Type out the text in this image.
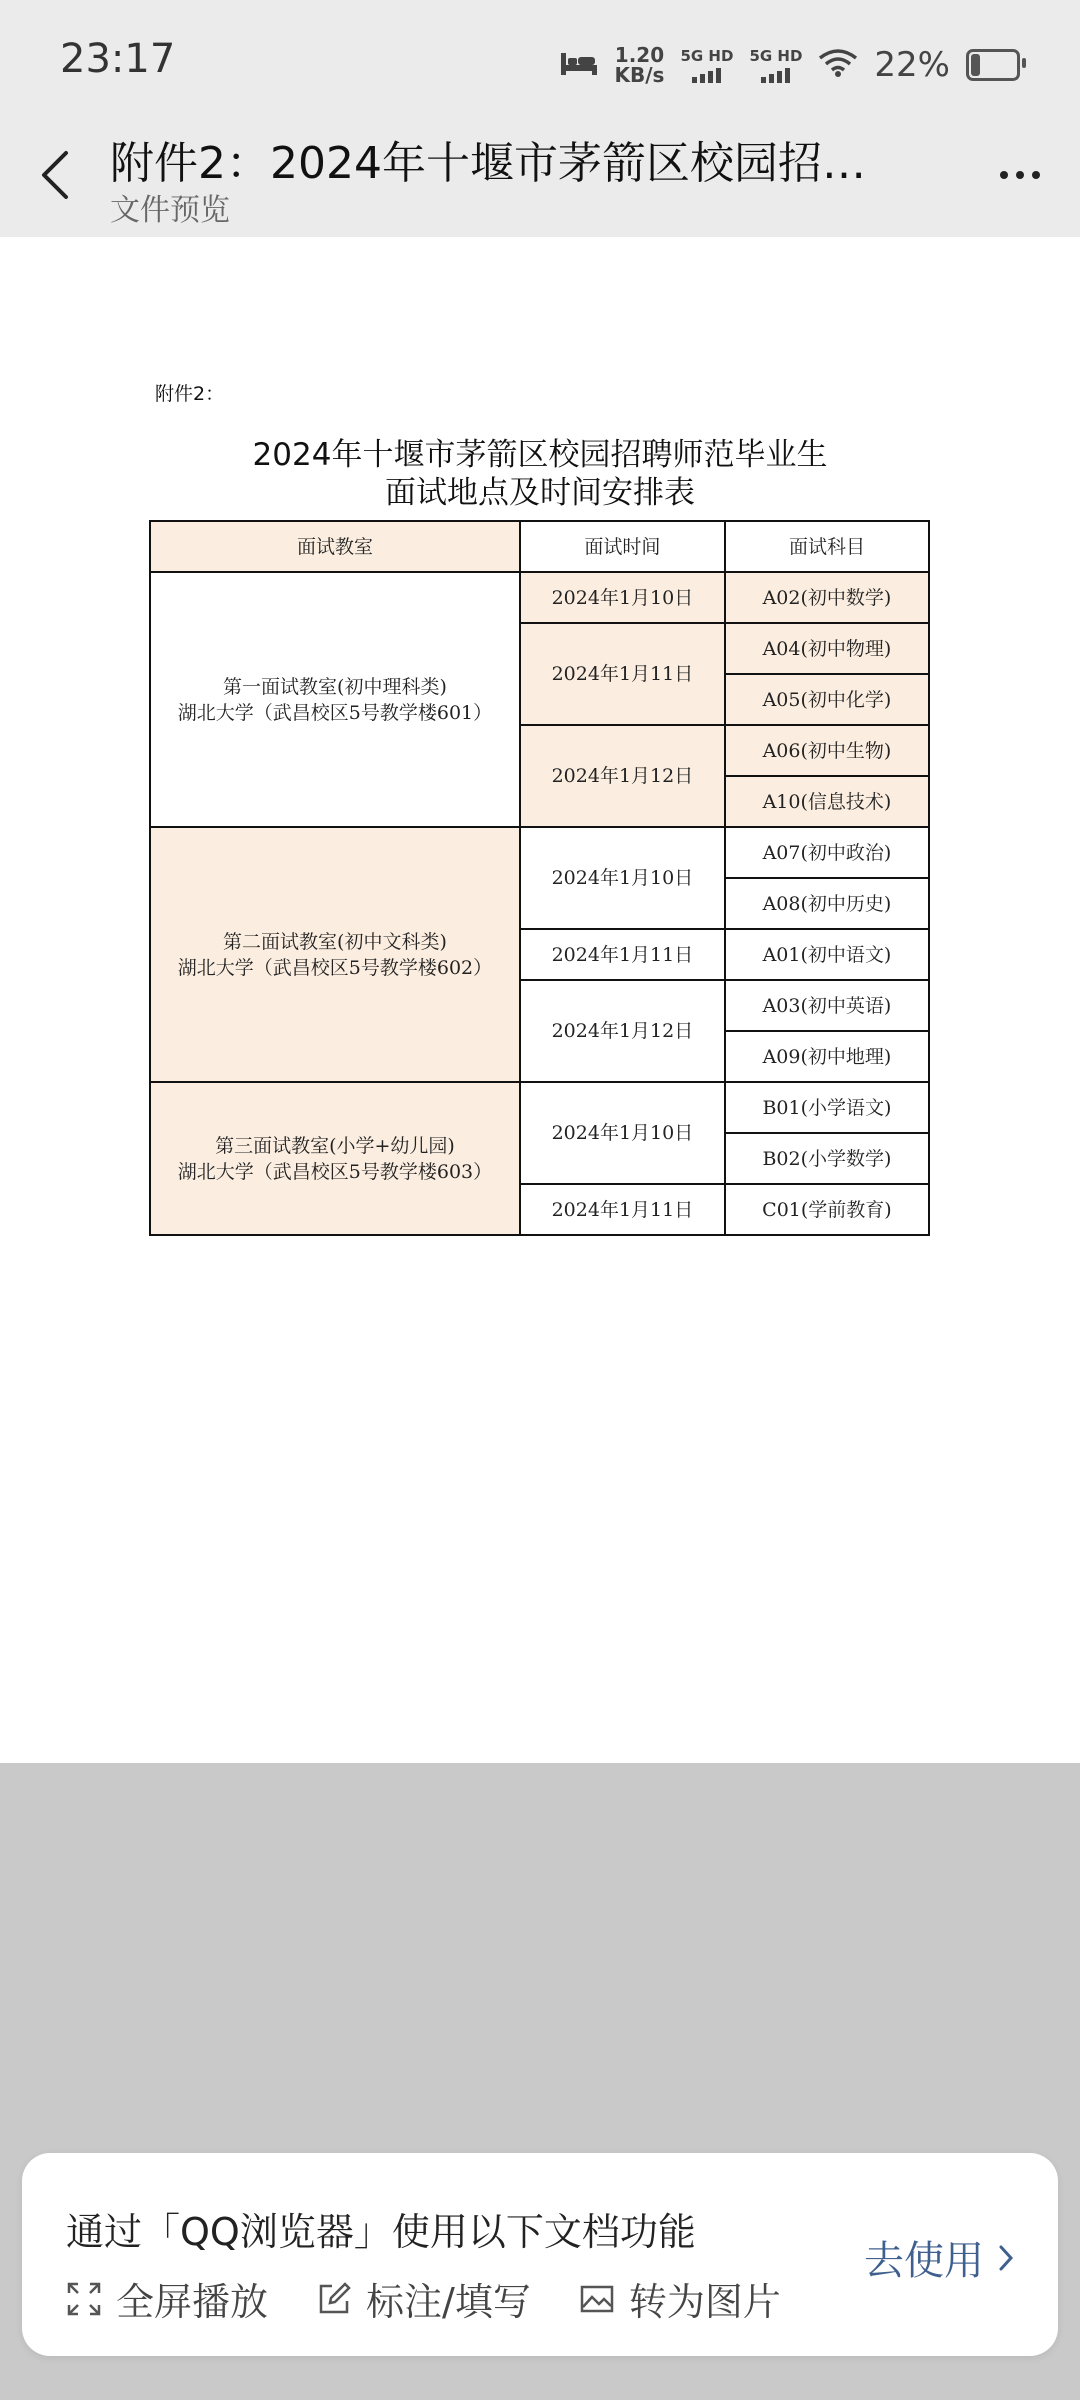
23:17	1.20
KB/s
5G HD 5G HD 22%
附件2：2024年十堰市茅箭区校园招…
文件预览
附件2：
2024年十堰市茅箭区校园招聘师范毕业生
面试地点及时间安排表
面试教室	面试时间	面试科目

第一面试教室(初中理科类)
湖北大学（武昌校区5号教学楼601）	2024年1月10日	A02(初中数学)
	2024年1月11日	A04(初中物理)
		A05(初中化学)
	2024年1月12日	A06(初中生物)
		A10(信息技术)

第二面试教室(初中文科类)
湖北大学（武昌校区5号教学楼602）	2024年1月10日	A07(初中政治)
		A08(初中历史)
	2024年1月11日	A01(初中语文)
	2024年1月12日	A03(初中英语)
		A09(初中地理)

第三面试教室(小学+幼儿园)
湖北大学（武昌校区5号教学楼603）	2024年1月10日	B01(小学语文)
		B02(小学数学)
	2024年1月11日	C01(学前教育)
通过「QQ浏览器」使用以下文档功能
全屏播放	标注/填写	转为图片
去使用
